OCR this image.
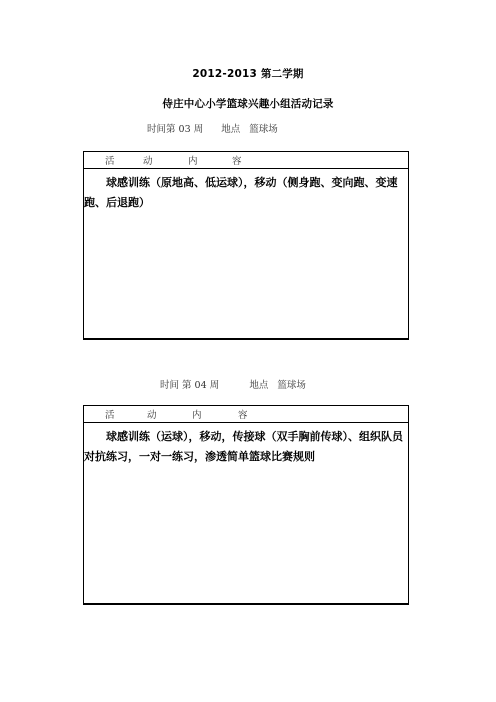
2012-2013 第二学期
侍庄中心小学篮球兴趣小组活动记录
时间第 03 周      地点   篮球场
活	动	内	容
球感训练（原地高、低运球），移动（侧身跑、变向跑、变速跑、后退跑）
时间 第 04 周          地点   篮球场
活	动	内	容
球感训练（运球），移动，传接球（双手胸前传球）、组织队员对抗练习，一对一练习，渗透简单篮球比赛规则
